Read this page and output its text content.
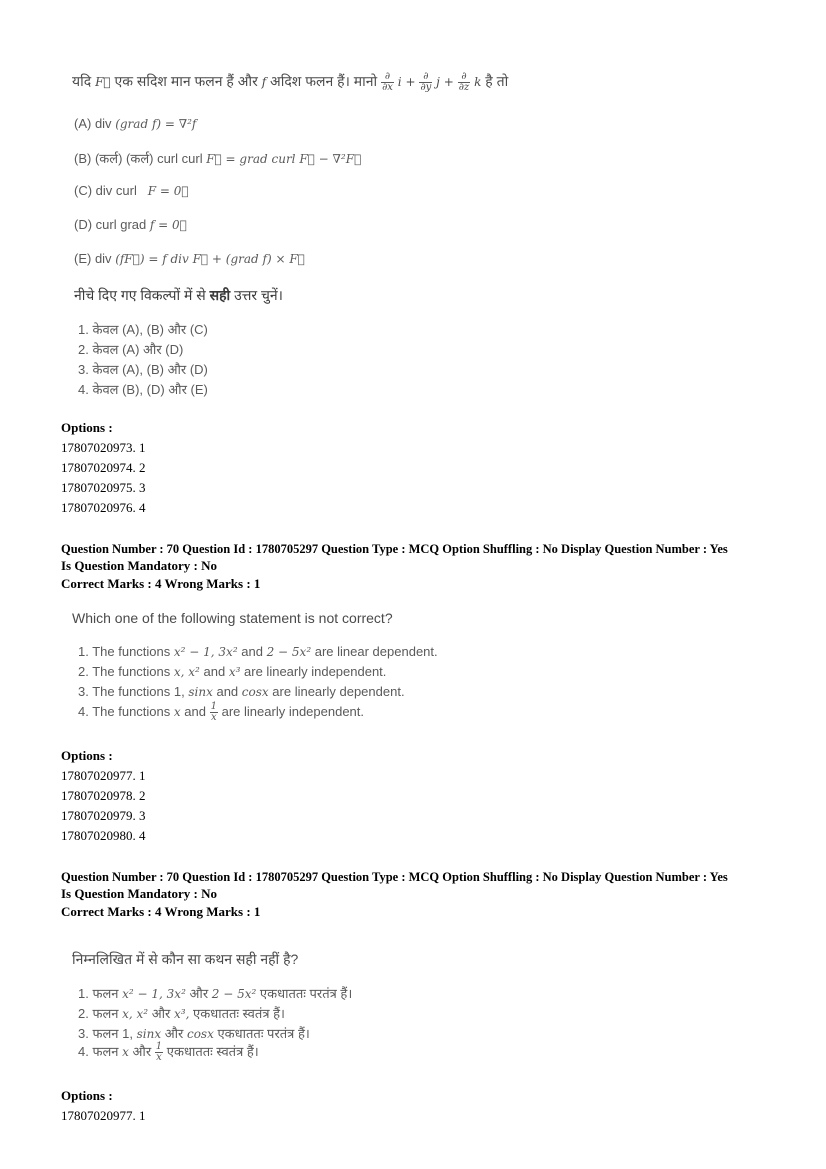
यदि F⃗ एक सदिश मान फलन हैं और f अदिश फलन हैं। मानो $\frac{\partial}{\partial x}$ $i + \frac{\partial}{\partial y}$ $j + \frac{\partial}{\partial z}$ k है तो
(A) div (grad f) = ∇²f
(B) (कर्ल) (कर्ल) curl curl F⃗ = grad curl F⃗ − ∇²F⃗
(C) div curl F = 0⃗
(D) curl grad f = 0⃗
(E) div (fF⃗) = f div F⃗ + (grad f) × F⃗
नीचे दिए गए विकल्पों में से सही उत्तर चुनें।
1. केवल (A), (B) और (C)
2. केवल (A) और (D)
3. केवल (A), (B) और (D)
4. केवल (B), (D) और (E)
Options :
17807020973. 1
17807020974. 2
17807020975. 3
17807020976. 4
Question Number : 70 Question Id : 1780705297 Question Type : MCQ Option Shuffling : No Display Question Number : Yes
Is Question Mandatory : No
Correct Marks : 4 Wrong Marks : 1
Which one of the following statement is not correct?
1. The functions x² − 1, 3x² and 2 − 5x² are linear dependent.
2. The functions x, x² and x³ are linearly independent.
3. The functions 1, sinx and cosx are linearly dependent.
4. The functions x and $\frac{1}{x}$ are linearly independent.
Options :
17807020977. 1
17807020978. 2
17807020979. 3
17807020980. 4
Question Number : 70 Question Id : 1780705297 Question Type : MCQ Option Shuffling : No Display Question Number : Yes
Is Question Mandatory : No
Correct Marks : 4 Wrong Marks : 1
निम्नलिखित में से कौन सा कथन सही नहीं है?
1. फलन x² − 1, 3x² और 2 − 5x² एकधाततः परतंत्र हैं।
2. फलन x, x² और x³, एकधाततः स्वतंत्र हैं।
3. फलन 1, sinx और cosx एकधाततः परतंत्र हैं।
4. फलन x और $\frac{1}{x}$ एकधाततः स्वतंत्र हैं।
Options :
17807020977. 1
